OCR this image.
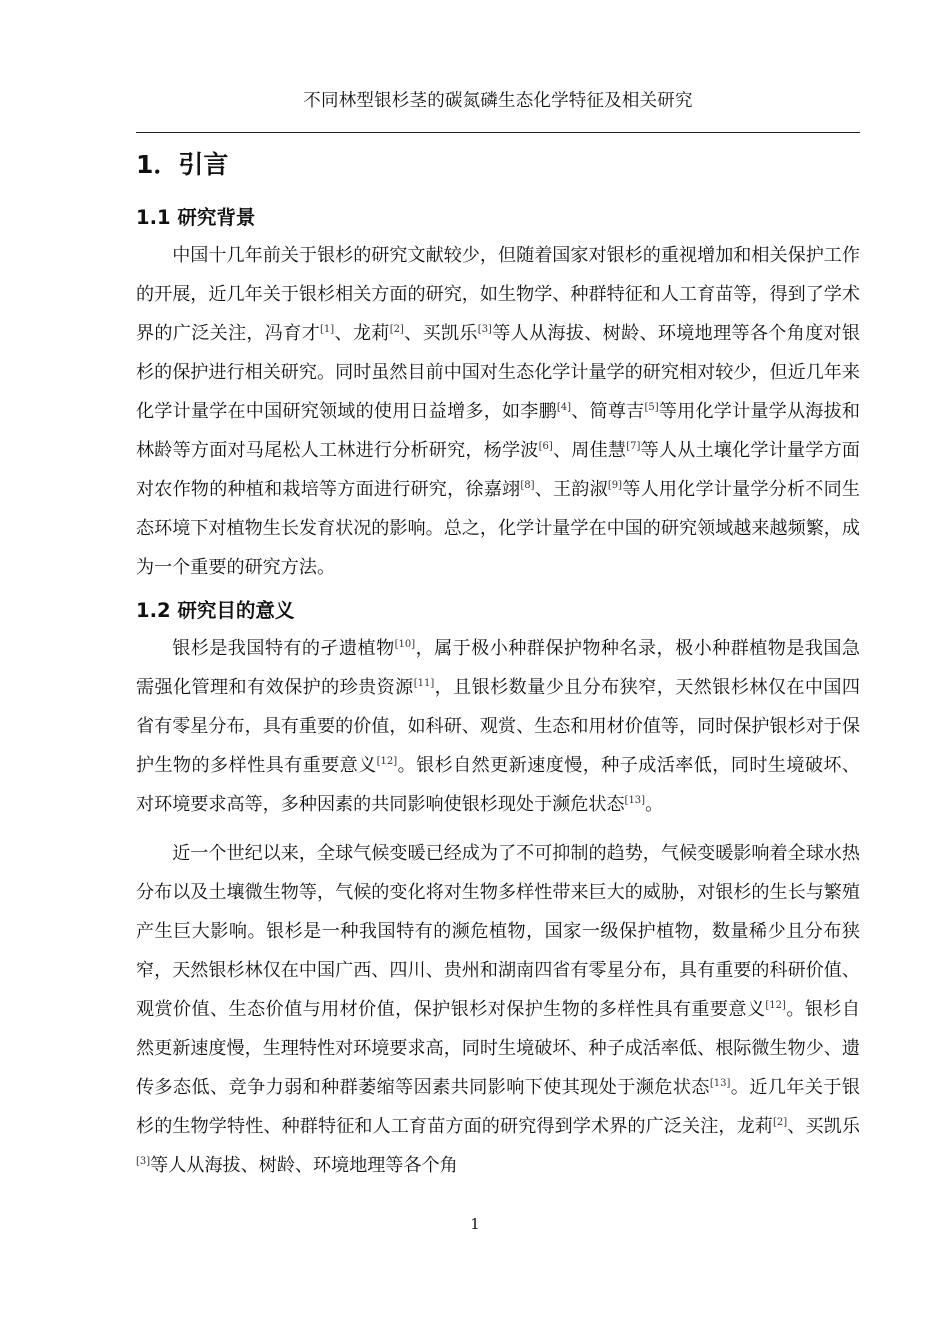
不同林型银杉茎的碳氮磷生态化学特征及相关研究
1．引言
1.1 研究背景

中国十几年前关于银杉的研究文献较少，但随着国家对银杉的重视增加和相关保护工作的开展，近几年关于银杉相关方面的研究，如生物学、种群特征和人工育苗等，得到了学术界的广泛关注，冯育才[1]、龙莉[2]、买凯乐[3]等人从海拔、树龄、环境地理等各个角度对银杉的保护进行相关研究。同时虽然目前中国对生态化学计量学的研究相对较少，但近几年来化学计量学在中国研究领域的使用日益增多，如李鹏[4]、简尊吉[5]等用化学计量学从海拔和林龄等方面对马尾松人工林进行分析研究，杨学波[6]、周佳慧[7]等人从土壤化学计量学方面对农作物的种植和栽培等方面进行研究，徐嘉翊[8]、王韵淑[9]等人用化学计量学分析不同生态环境下对植物生长发育状况的影响。总之，化学计量学在中国的研究领域越来越频繁，成为一个重要的研究方法。

1.2 研究目的意义

银杉是我国特有的孑遗植物[10]，属于极小种群保护物种名录，极小种群植物是我国急需强化管理和有效保护的珍贵资源[11]，且银杉数量少且分布狭窄，天然银杉林仅在中国四省有零星分布，具有重要的价值，如科研、观赏、生态和用材价值等，同时保护银杉对于保护生物的多样性具有重要意义[12]。银杉自然更新速度慢，种子成活率低，同时生境破坏、对环境要求高等，多种因素的共同影响使银杉现处于濒危状态[13]。

近一个世纪以来，全球气候变暖已经成为了不可抑制的趋势，气候变暖影响着全球水热分布以及土壤微生物等，气候的变化将对生物多样性带来巨大的威胁，对银杉的生长与繁殖产生巨大影响。银杉是一种我国特有的濒危植物，国家一级保护植物，数量稀少且分布狭窄，天然银杉林仅在中国广西、四川、贵州和湖南四省有零星分布，具有重要的科研价值、观赏价值、生态价值与用材价值，保护银杉对保护生物的多样性具有重要意义[12]。银杉自然更新速度慢，生理特性对环境要求高，同时生境破坏、种子成活率低、根际微生物少、遗传多态低、竞争力弱和种群萎缩等因素共同影响下使其现处于濒危状态[13]。近几年关于银杉的生物学特性、种群特征和人工育苗方面的研究得到学术界的广泛关注，龙莉[2]、买凯乐[3]等人从海拔、树龄、环境地理等各个角

1
